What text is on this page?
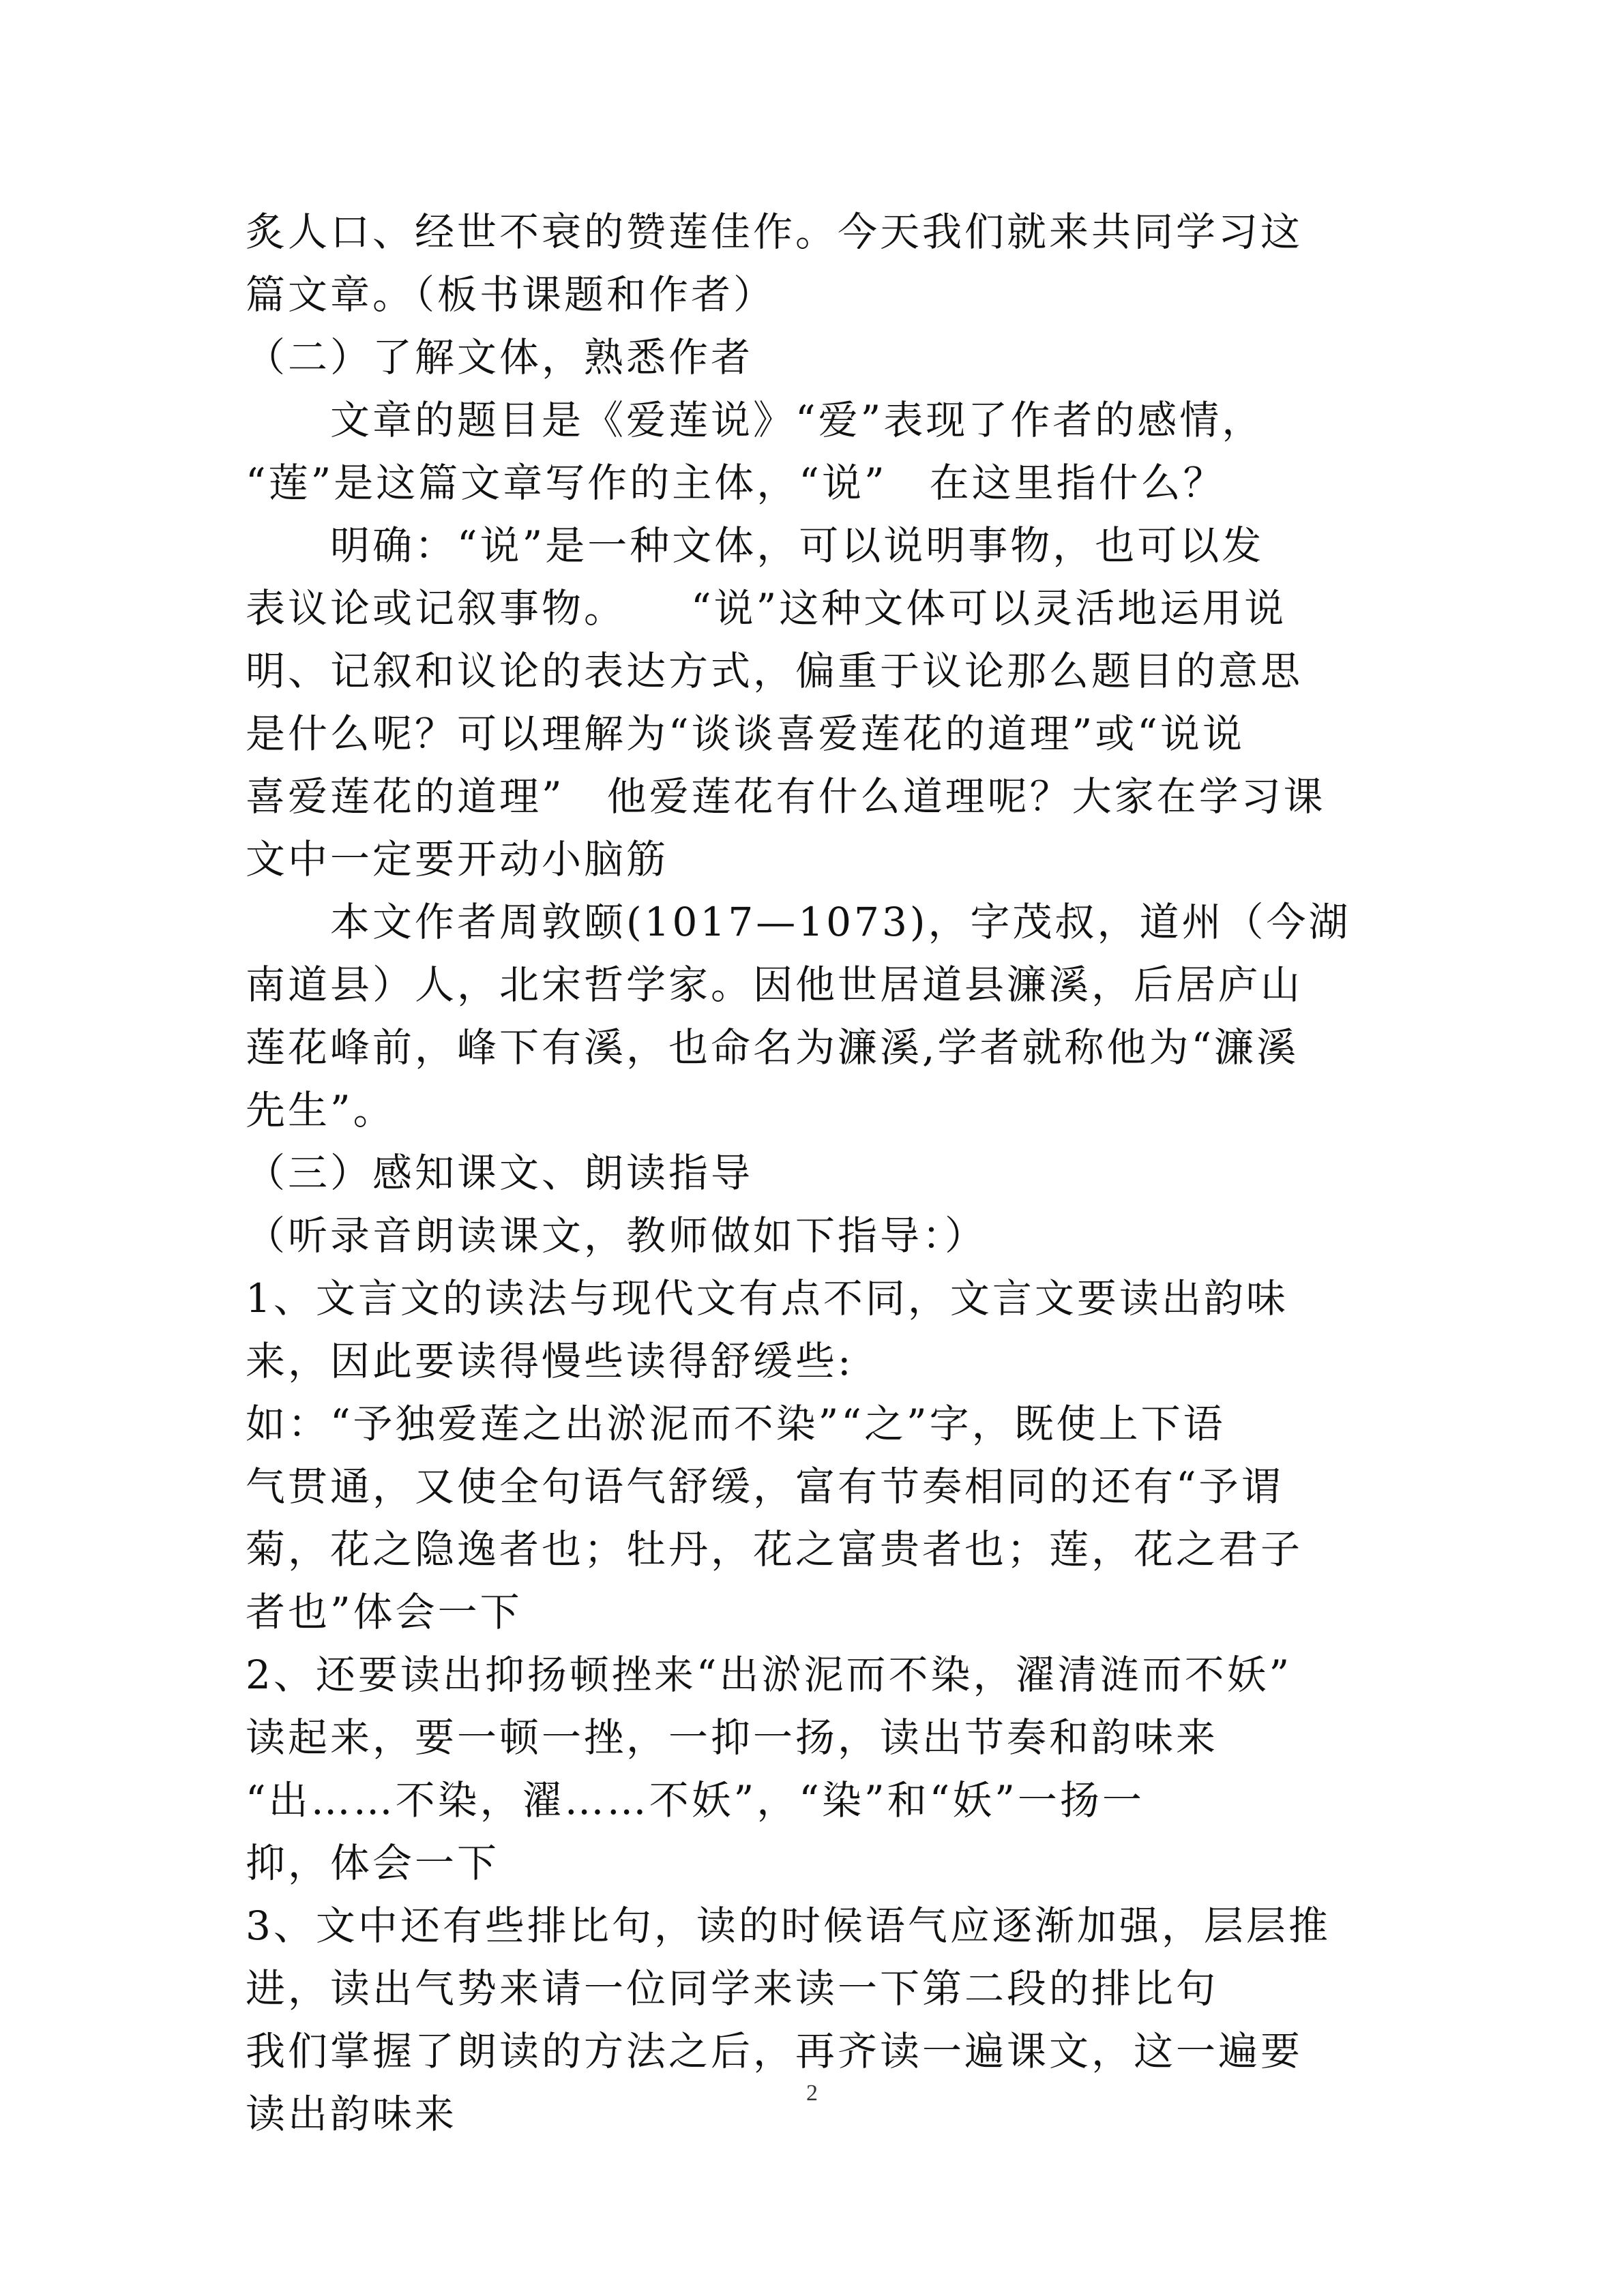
炙人口、经世不衰的赞莲佳作。今天我们就来共同学习这
篇文章。（板书课题和作者）
（二）了解文体，熟悉作者
　　文章的题目是《爱莲说》“爱”表现了作者的感情，
“莲”是这篇文章写作的主体，“说”　在这里指什么？
　　明确：“说”是一种文体，可以说明事物，也可以发
表议论或记叙事物。　　“说”这种文体可以灵活地运用说
明、记叙和议论的表达方式，偏重于议论那么题目的意思
是什么呢？可以理解为“谈谈喜爱莲花的道理”或“说说
喜爱莲花的道理”　他爱莲花有什么道理呢？大家在学习课
文中一定要开动小脑筋
　　本文作者周敦颐(1017—1073)，字茂叔，道州（今湖
南道县）人，北宋哲学家。因他世居道县濂溪，后居庐山
莲花峰前，峰下有溪，也命名为濂溪,学者就称他为“濂溪
先生”。
（三）感知课文、朗读指导
（听录音朗读课文，教师做如下指导：）
1、文言文的读法与现代文有点不同，文言文要读出韵味
来，因此要读得慢些读得舒缓些:
如：“予独爱莲之出淤泥而不染”“之”字，既使上下语
气贯通，又使全句语气舒缓，富有节奏相同的还有“予谓
菊，花之隐逸者也；牡丹，花之富贵者也；莲，花之君子
者也”体会一下
2、还要读出抑扬顿挫来“出淤泥而不染，濯清涟而不妖”
读起来，要一顿一挫，一抑一扬，读出节奏和韵味来
“出……不染，濯……不妖”，“染”和“妖”一扬一
抑，体会一下
3、文中还有些排比句，读的时候语气应逐渐加强，层层推
进，读出气势来请一位同学来读一下第二段的排比句
我们掌握了朗读的方法之后，再齐读一遍课文，这一遍要
读出韵味来	2
